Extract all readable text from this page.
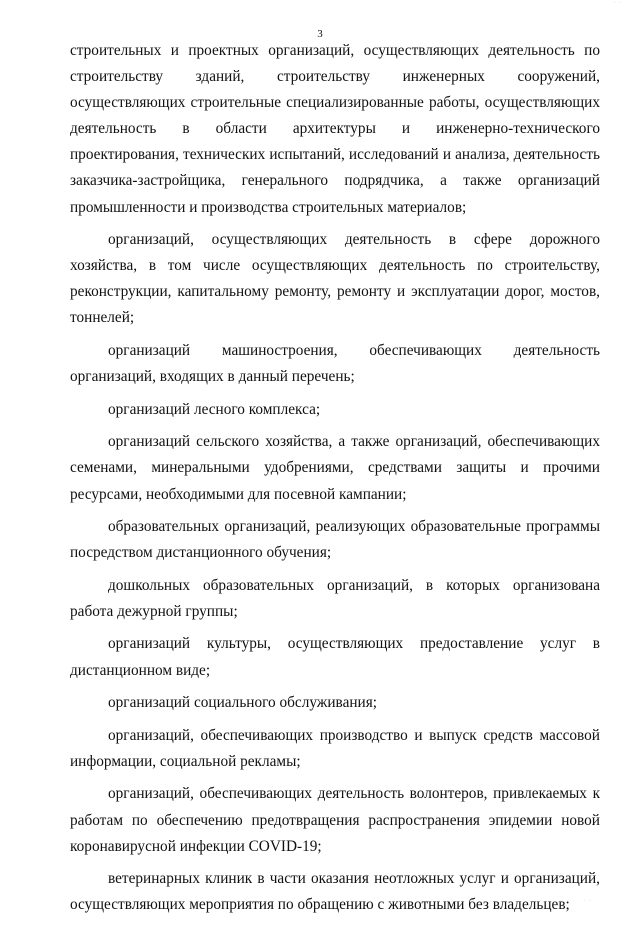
· ·
3

строительных и проектных организаций, осуществляющих деятельность по строительству зданий, строительству инженерных сооружений, осуществляющих строительные специализированные работы, осуществляющих деятельность в области архитектуры и инженерно-технического проектирования, технических испытаний, исследований и анализа, деятельность заказчика-застройщика, генерального подрядчика, а также организаций промышленности и производства строительных материалов;

организаций, осуществляющих деятельность в сфере дорожного хозяйства, в том числе осуществляющих деятельность по строительству, реконструкции, капитальному ремонту, ремонту и эксплуатации дорог, мостов, тоннелей;

организаций машиностроения, обеспечивающих деятельность организаций, входящих в данный перечень;

организаций лесного комплекса;

организаций сельского хозяйства, а также организаций, обеспечивающих семенами, минеральными удобрениями, средствами защиты и прочими ресурсами, необходимыми для посевной кампании;

образовательных организаций, реализующих образовательные программы посредством дистанционного обучения;

дошкольных образовательных организаций, в которых организована работа дежурной группы;

организаций культуры, осуществляющих предоставление услуг в дистанционном виде;

организаций социального обслуживания;

организаций, обеспечивающих производство и выпуск средств массовой информации, социальной рекламы;

организаций, обеспечивающих деятельность волонтеров, привлекаемых к работам по обеспечению предотвращения распространения эпидемии новой коронавирусной инфекции COVID-19;

ветеринарных клиник в части оказания неотложных услуг и организаций, осуществляющих мероприятия по обращению с животными без владельцев;	· ·
